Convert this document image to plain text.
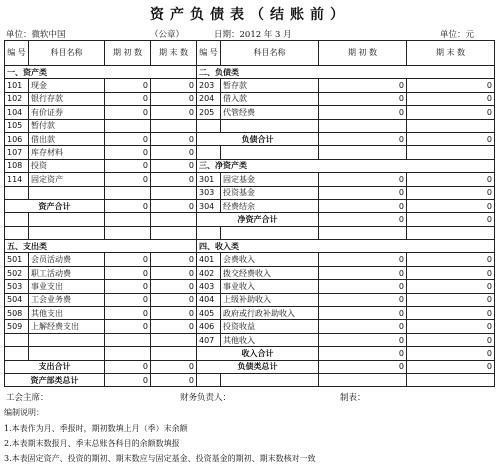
资产负债表（结账前）
单位：微软中国	（公章）	日期：2012 年 3 月	单位：元
编 号	科目名称	期 初 数	期 末 数	编 号	科目名称	期 初 数	期 末 数
一、资产类				二、负债类			
101	现金	0	0	203	暂存款	0	0
102	银行存款	0	0	204	借入款	0	0
104	有价证券	0	0	205	代管经费	0	0
105	暂付款						
106	借出款	0	0	负债合计		0	0
107	库存材料	0	0				
108	投资	0	0	三、净资产类			
114	固定资产	0	0	301	固定基金	0	0
				303	投资基金	0	0
资产合计		0	0	304	经费结余	0	0
				净资产合计		0	0

五、支出类				四、收入类			
501	会员活动费	0	0	401	会费收入	0	0
502	职工活动费	0	0	402	拨交经费收入	0	0
503	事业支出	0	0	403	事业收入	0	0
504	工会业务费	0	0	404	上级补助收入	0	0
508	其他支出	0	0	405	政府或行政补助收入	0	0
509	上解经费支出	0	0	406	投资收益	0	0
				407	其他收入	0	0
				收入合计		0	0
支出合计		0	0	负债类总计		0	0
资产部类总计		0	0				
工会主席：	财务负责人：	制表：
编制说明：
1.本表作为月、季报时，期初数填上月（季）末余额
2.本表期末数报月、季末总账各科目的余额数填报
3.本表固定资产、投资的期初、期末数应与固定基金、投资基金的期初、期末数核对一致
